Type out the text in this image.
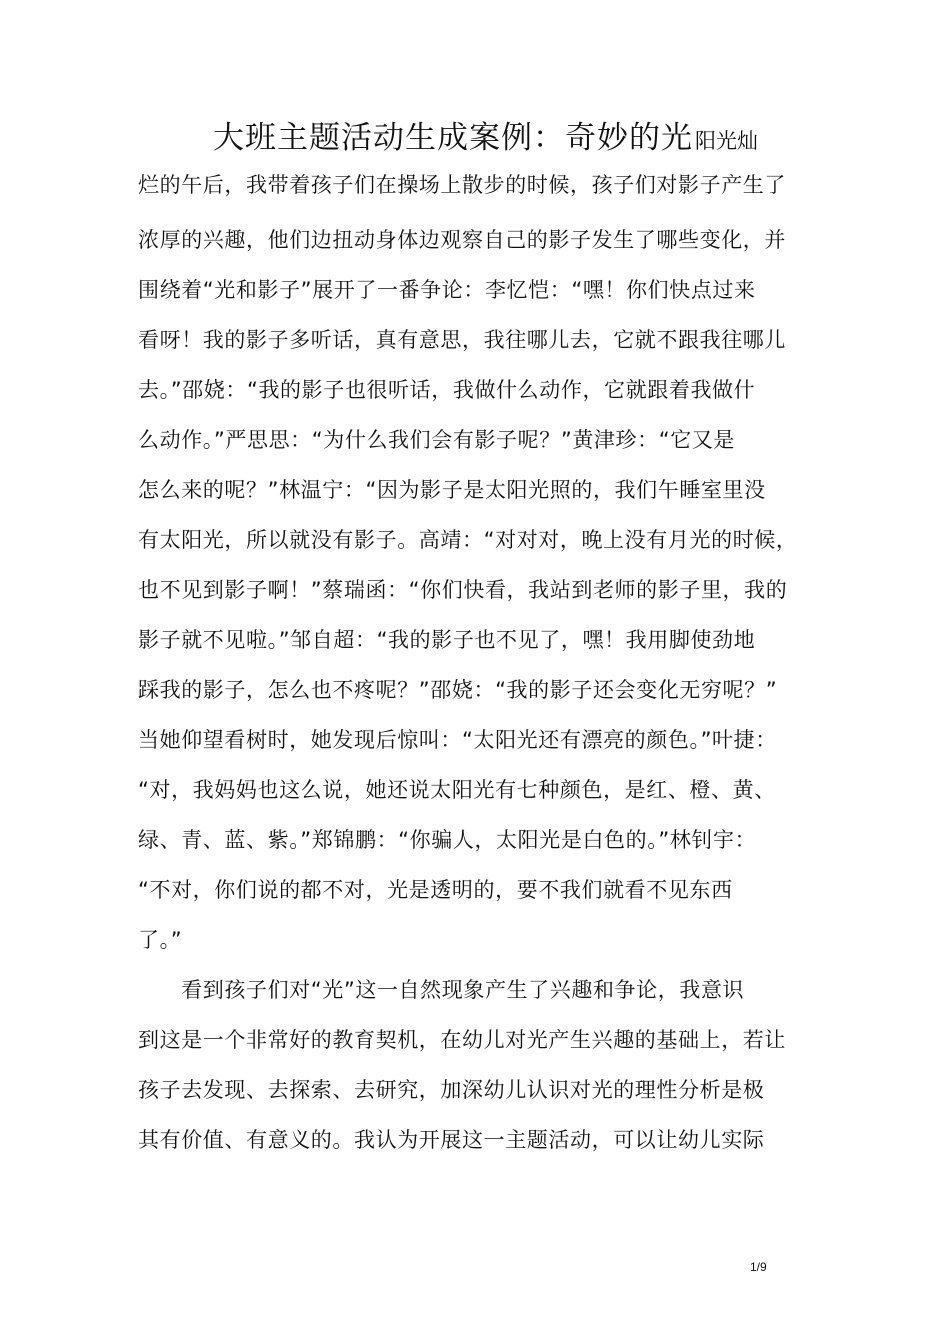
大班主题活动生成案例：奇妙的光阳光灿
烂的午后，我带着孩子们在操场上散步的时候，孩子们对影子产生了
浓厚的兴趣，他们边扭动身体边观察自己的影子发生了哪些变化，并
围绕着“光和影子”展开了一番争论：李忆恺：“嘿！你们快点过来
看呀！我的影子多听话，真有意思，我往哪儿去，它就不跟我往哪儿
去。”邵娆：“我的影子也很听话，我做什么动作，它就跟着我做什
么动作。”严思思：“为什么我们会有影子呢？”黄津珍：“它又是
怎么来的呢？”林温宁：“因为影子是太阳光照的，我们午睡室里没
有太阳光，所以就没有影子。高靖：“对对对，晚上没有月光的时候，
也不见到影子啊！”蔡瑞函：“你们快看，我站到老师的影子里，我的
影子就不见啦。”邹自超：“我的影子也不见了，嘿！我用脚使劲地
踩我的影子，怎么也不疼呢？”邵娆：“我的影子还会变化无穷呢？”
当她仰望看树时，她发现后惊叫：“太阳光还有漂亮的颜色。”叶捷：
“对，我妈妈也这么说，她还说太阳光有七种颜色，是红、橙、黄、
绿、青、蓝、紫。”郑锦鹏：“你骗人，太阳光是白色的。”林钊宇：
“不对，你们说的都不对，光是透明的，要不我们就看不见东西
了。”
　　看到孩子们对“光”这一自然现象产生了兴趣和争论，我意识
到这是一个非常好的教育契机，在幼儿对光产生兴趣的基础上，若让
孩子去发现、去探索、去研究，加深幼儿认识对光的理性分析是极
其有价值、有意义的。我认为开展这一主题活动，可以让幼儿实际
1/9
